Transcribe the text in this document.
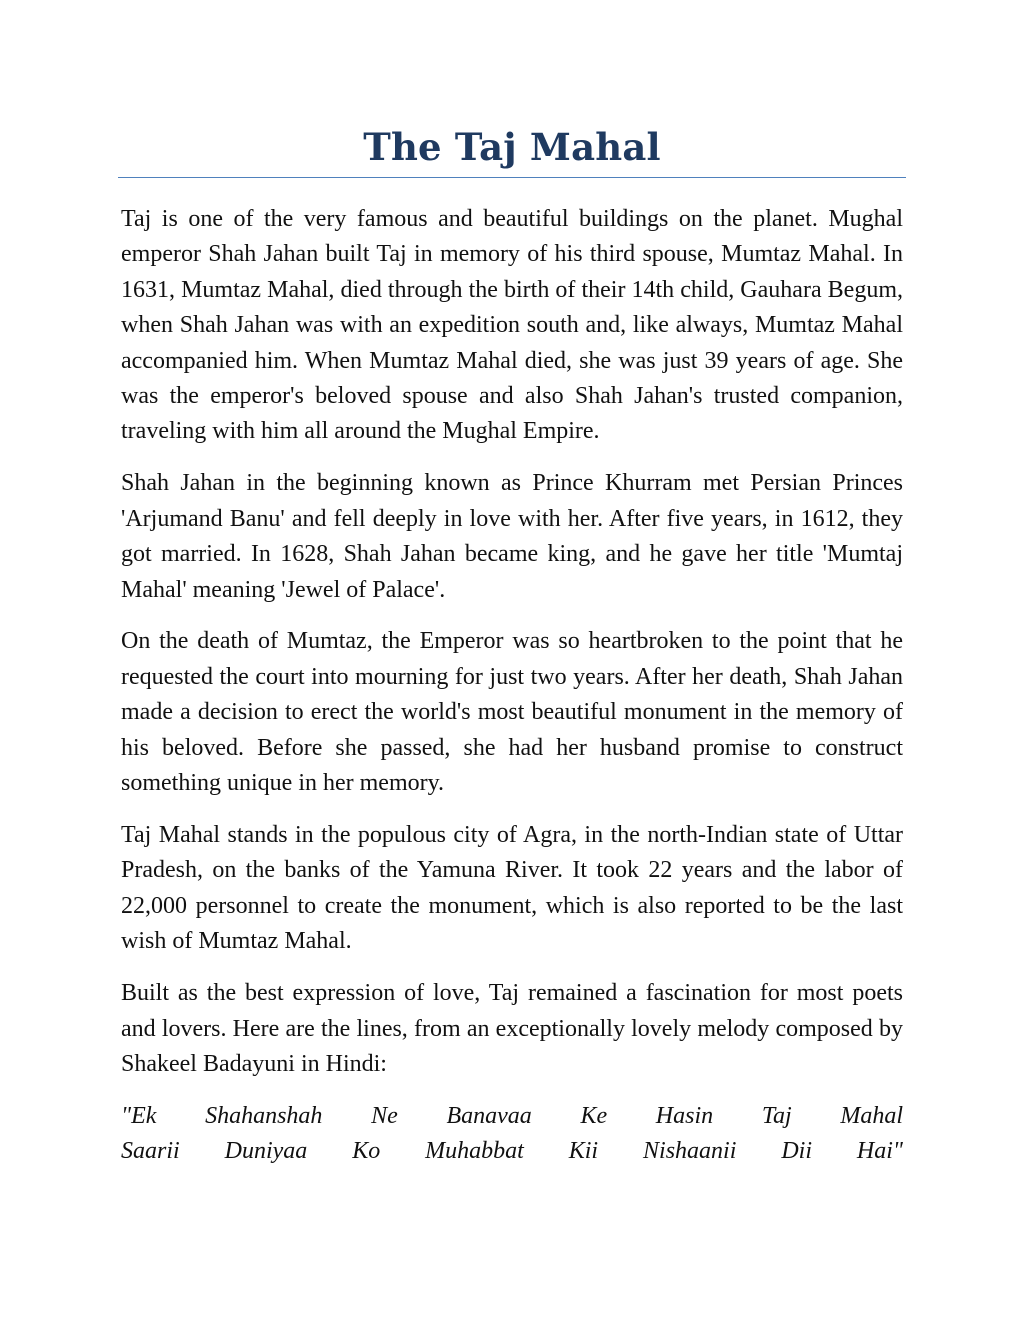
The Taj Mahal

Taj is one of the very famous and beautiful buildings on the planet. Mughal emperor Shah Jahan built Taj in memory of his third spouse, Mumtaz Mahal. In 1631, Mumtaz Mahal, died through the birth of their 14th child, Gauhara Begum, when Shah Jahan was with an expedition south and, like always, Mumtaz Mahal accompanied him. When Mumtaz Mahal died, she was just 39 years of age. She was the emperor's beloved spouse and also Shah Jahan's trusted companion, traveling with him all around the Mughal Empire.

Shah Jahan in the beginning known as Prince Khurram met Persian Princes 'Arjumand Banu' and fell deeply in love with her. After five years, in 1612, they got married. In 1628, Shah Jahan became king, and he gave her title 'Mumtaj Mahal' meaning 'Jewel of Palace'.

On the death of Mumtaz, the Emperor was so heartbroken to the point that he requested the court into mourning for just two years. After her death, Shah Jahan made a decision to erect the world's most beautiful monument in the memory of his beloved. Before she passed, she had her husband promise to construct something unique in her memory.

Taj Mahal stands in the populous city of Agra, in the north-Indian state of Uttar Pradesh, on the banks of the Yamuna River. It took 22 years and the labor of 22,000 personnel to create the monument, which is also reported to be the last wish of Mumtaz Mahal.

Built as the best expression of love, Taj remained a fascination for most poets and lovers. Here are the lines, from an exceptionally lovely melody composed by Shakeel Badayuni in Hindi:

"Ek Shahanshah Ne Banavaa Ke Hasin Taj Mahal
Saarii Duniyaa Ko Muhabbat Kii Nishaanii Dii Hai"
